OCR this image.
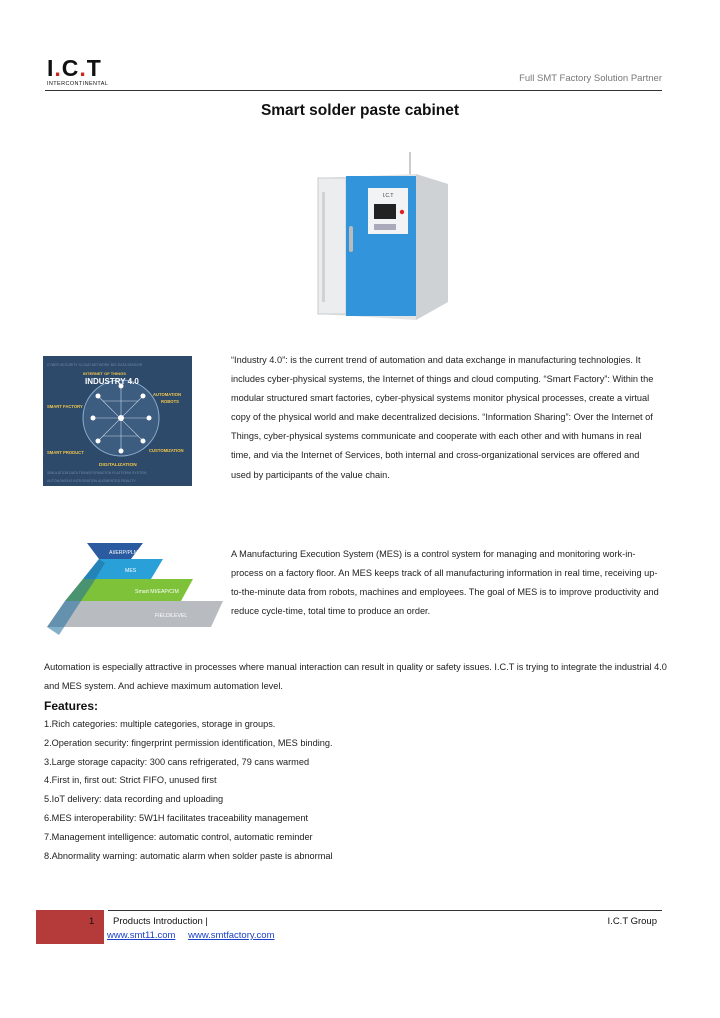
I.C.T
INTERCONTINENTAL	Full SMT Factory Solution Partner
Smart solder paste cabinet
I.C.T
CYBER SECURITY CLOUD NETWORK BIG DATA SENSOR
SIMULATION DATA TRANSFORMATION PLATFORM SYSTEM
AUTONOMOUS INTEGRATION AUGMENTED REALITY
INDUSTRY 4.0
SMART FACTORY
AUTOMATION
ROBOTS
SMART PRODUCT	CUSTOMIZATION
DIGITALIZATION
INTERNET OF THINGS
“Industry 4.0”: is the current trend of automation and data exchange in manufacturing technologies. It includes cyber-physical systems, the Internet of things and cloud computing. “Smart Factory”: Within the modular structured smart factories, cyber-physical systems monitor physical processes, create a virtual copy of the physical world and make decentralized decisions. “Information Sharing”: Over the Internet of Things, cyber-physical systems communicate and cooperate with each other and with humans in real time, and via the Internet of Services, both internal and cross-organizational services are offered and used by participants of the value chain.
AI/ERP/PLM
MES
Smart MI/EAP/CIM
FIELD/LEVEL
A Manufacturing Execution System (MES) is a control system for managing and monitoring work-in-process on a factory floor. An MES keeps track of all manufacturing information in real time, receiving up-to-the-minute data from robots, machines and employees. The goal of MES is to improve productivity and reduce cycle-time, total time to produce an order.
Automation is especially attractive in processes where manual interaction can result in quality or safety issues. I.C.T is trying to integrate the industrial 4.0 and MES system. And achieve maximum automation level.
Features:
1.Rich categories: multiple categories, storage in groups.
2.Operation security: fingerprint permission identification, MES binding.
3.Large storage capacity: 300 cans refrigerated, 79 cans warmed
4.First in, first out: Strict FIFO, unused first
5.IoT delivery: data recording and uploading
6.MES interoperability: 5W1H facilitates traceability management
7.Management intelligence: automatic control, automatic reminder
8.Abnormality warning: automatic alarm when solder paste is abnormal
1 Products Introduction |	I.C.T Group
www.smt11.com www.smtfactory.com
